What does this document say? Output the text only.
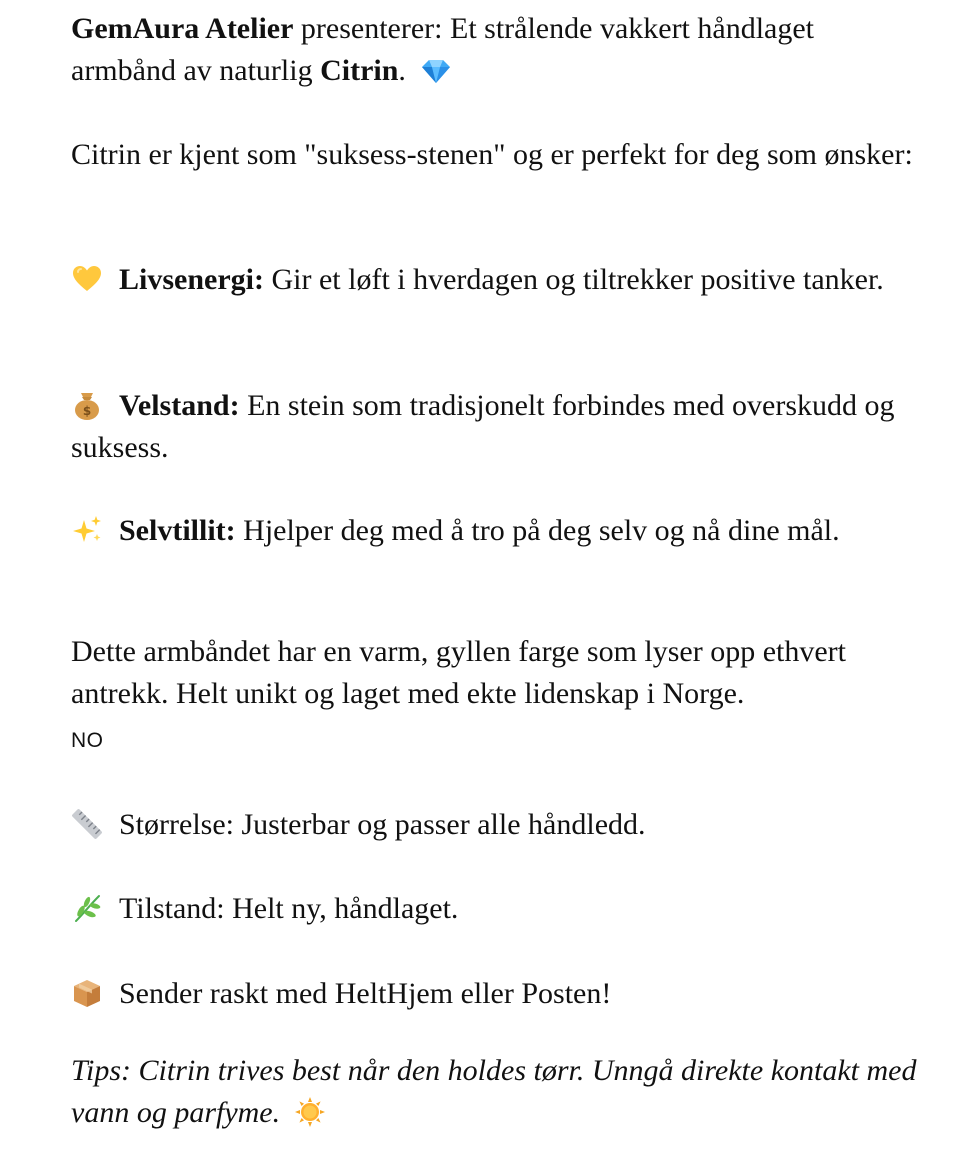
GemAura Atelier presenterer: Et strålende vakkert håndlaget armbånd av naturlig Citrin.

Citrin er kjent som "suksess-stenen" og er perfekt for deg som ønsker:

Livsenergi: Gir et løft i hverdagen og tiltrekker positive tanker.

$ Velstand: En stein som tradisjonelt forbindes med overskudd og suksess.

Selvtillit: Hjelper deg med å tro på deg selv og nå dine mål.

Dette armbåndet har en varm, gyllen farge som lyser opp ethvert antrekk. Helt unikt og laget med ekte lidenskap i Norge.

NO

Størrelse: Justerbar og passer alle håndledd.

Tilstand: Helt ny, håndlaget.

Sender raskt med HeltHjem eller Posten!

Tips: Citrin trives best når den holdes tørr. Unngå direkte kontakt med vann og parfyme.
